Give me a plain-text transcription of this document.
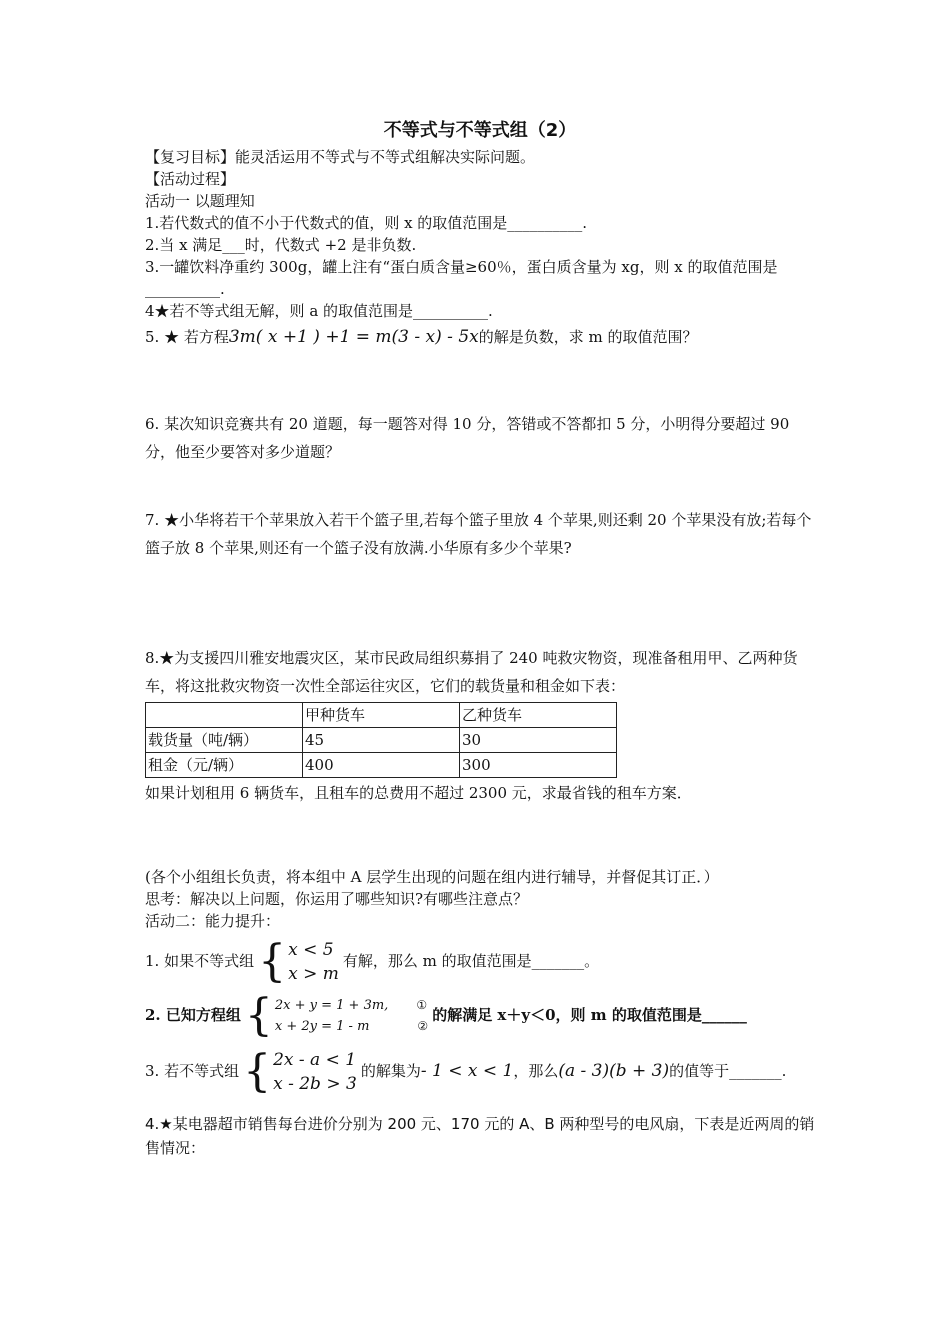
不等式与不等式组（2）

【复习目标】能灵活运用不等式与不等式组解决实际问题。

【活动过程】

活动一 以题理知

1.若代数式的值不小于代数式的值，则 x 的取值范围是__________.

2.当 x 满足___时，代数式 +2 是非负数.

3.一罐饮料净重约 300g，罐上注有“蛋白质含量≥60％，蛋白质含量为 xg，则 x 的取值范围是

__________.

4★若不等式组无解，则 a 的取值范围是__________.

5. ★ 若方程3m( x +1 ) +1 = m(3 - x) - 5x的解是负数，求 m 的取值范围？

6. 某次知识竞赛共有 20 道题，每一题答对得 10 分，答错或不答都扣 5 分，小明得分要超过 90 分，他至少要答对多少道题？

7. ★小华将若干个苹果放入若干个篮子里,若每个篮子里放 4 个苹果,则还剩 20 个苹果没有放;若每个篮子放 8 个苹果,则还有一个篮子没有放满.小华原有多少个苹果?

8.★为支援四川雅安地震灾区，某市民政局组织募捐了 240 吨救灾物资，现准备租用甲、乙两种货车，将这批救灾物资一次性全部运往灾区，它们的载货量和租金如下表：

	甲种货车	乙种货车
载货量（吨/辆）	45	30
租金（元/辆）	400	300

如果计划租用 6 辆货车，且租车的总费用不超过 2300 元，求最省钱的租车方案．

(各个小组组长负责，将本组中 A 层学生出现的问题在组内进行辅导，并督促其订正．）

思考：解决以上问题，你运用了哪些知识?有哪些注意点？

活动二：能力提升：

1. 如果不等式组 { x < 5
x > m
有解，那么 m 的取值范围是_______。

2. 已知方程组 { 2x + y = 1 + 3m, ①
x + 2y = 1 - m	②
的解满足 x＋y＜0，则 m 的取值范围是______

3. 若不等式组 { 2x - a < 1
x - 2b > 3
的解集为- 1 < x < 1，那么(a - 3)(b + 3)的值等于_______.

4.★某电器超市销售每台进价分别为 200 元、170 元的 A、B 两种型号的电风扇，下表是近两周的销售情况：
